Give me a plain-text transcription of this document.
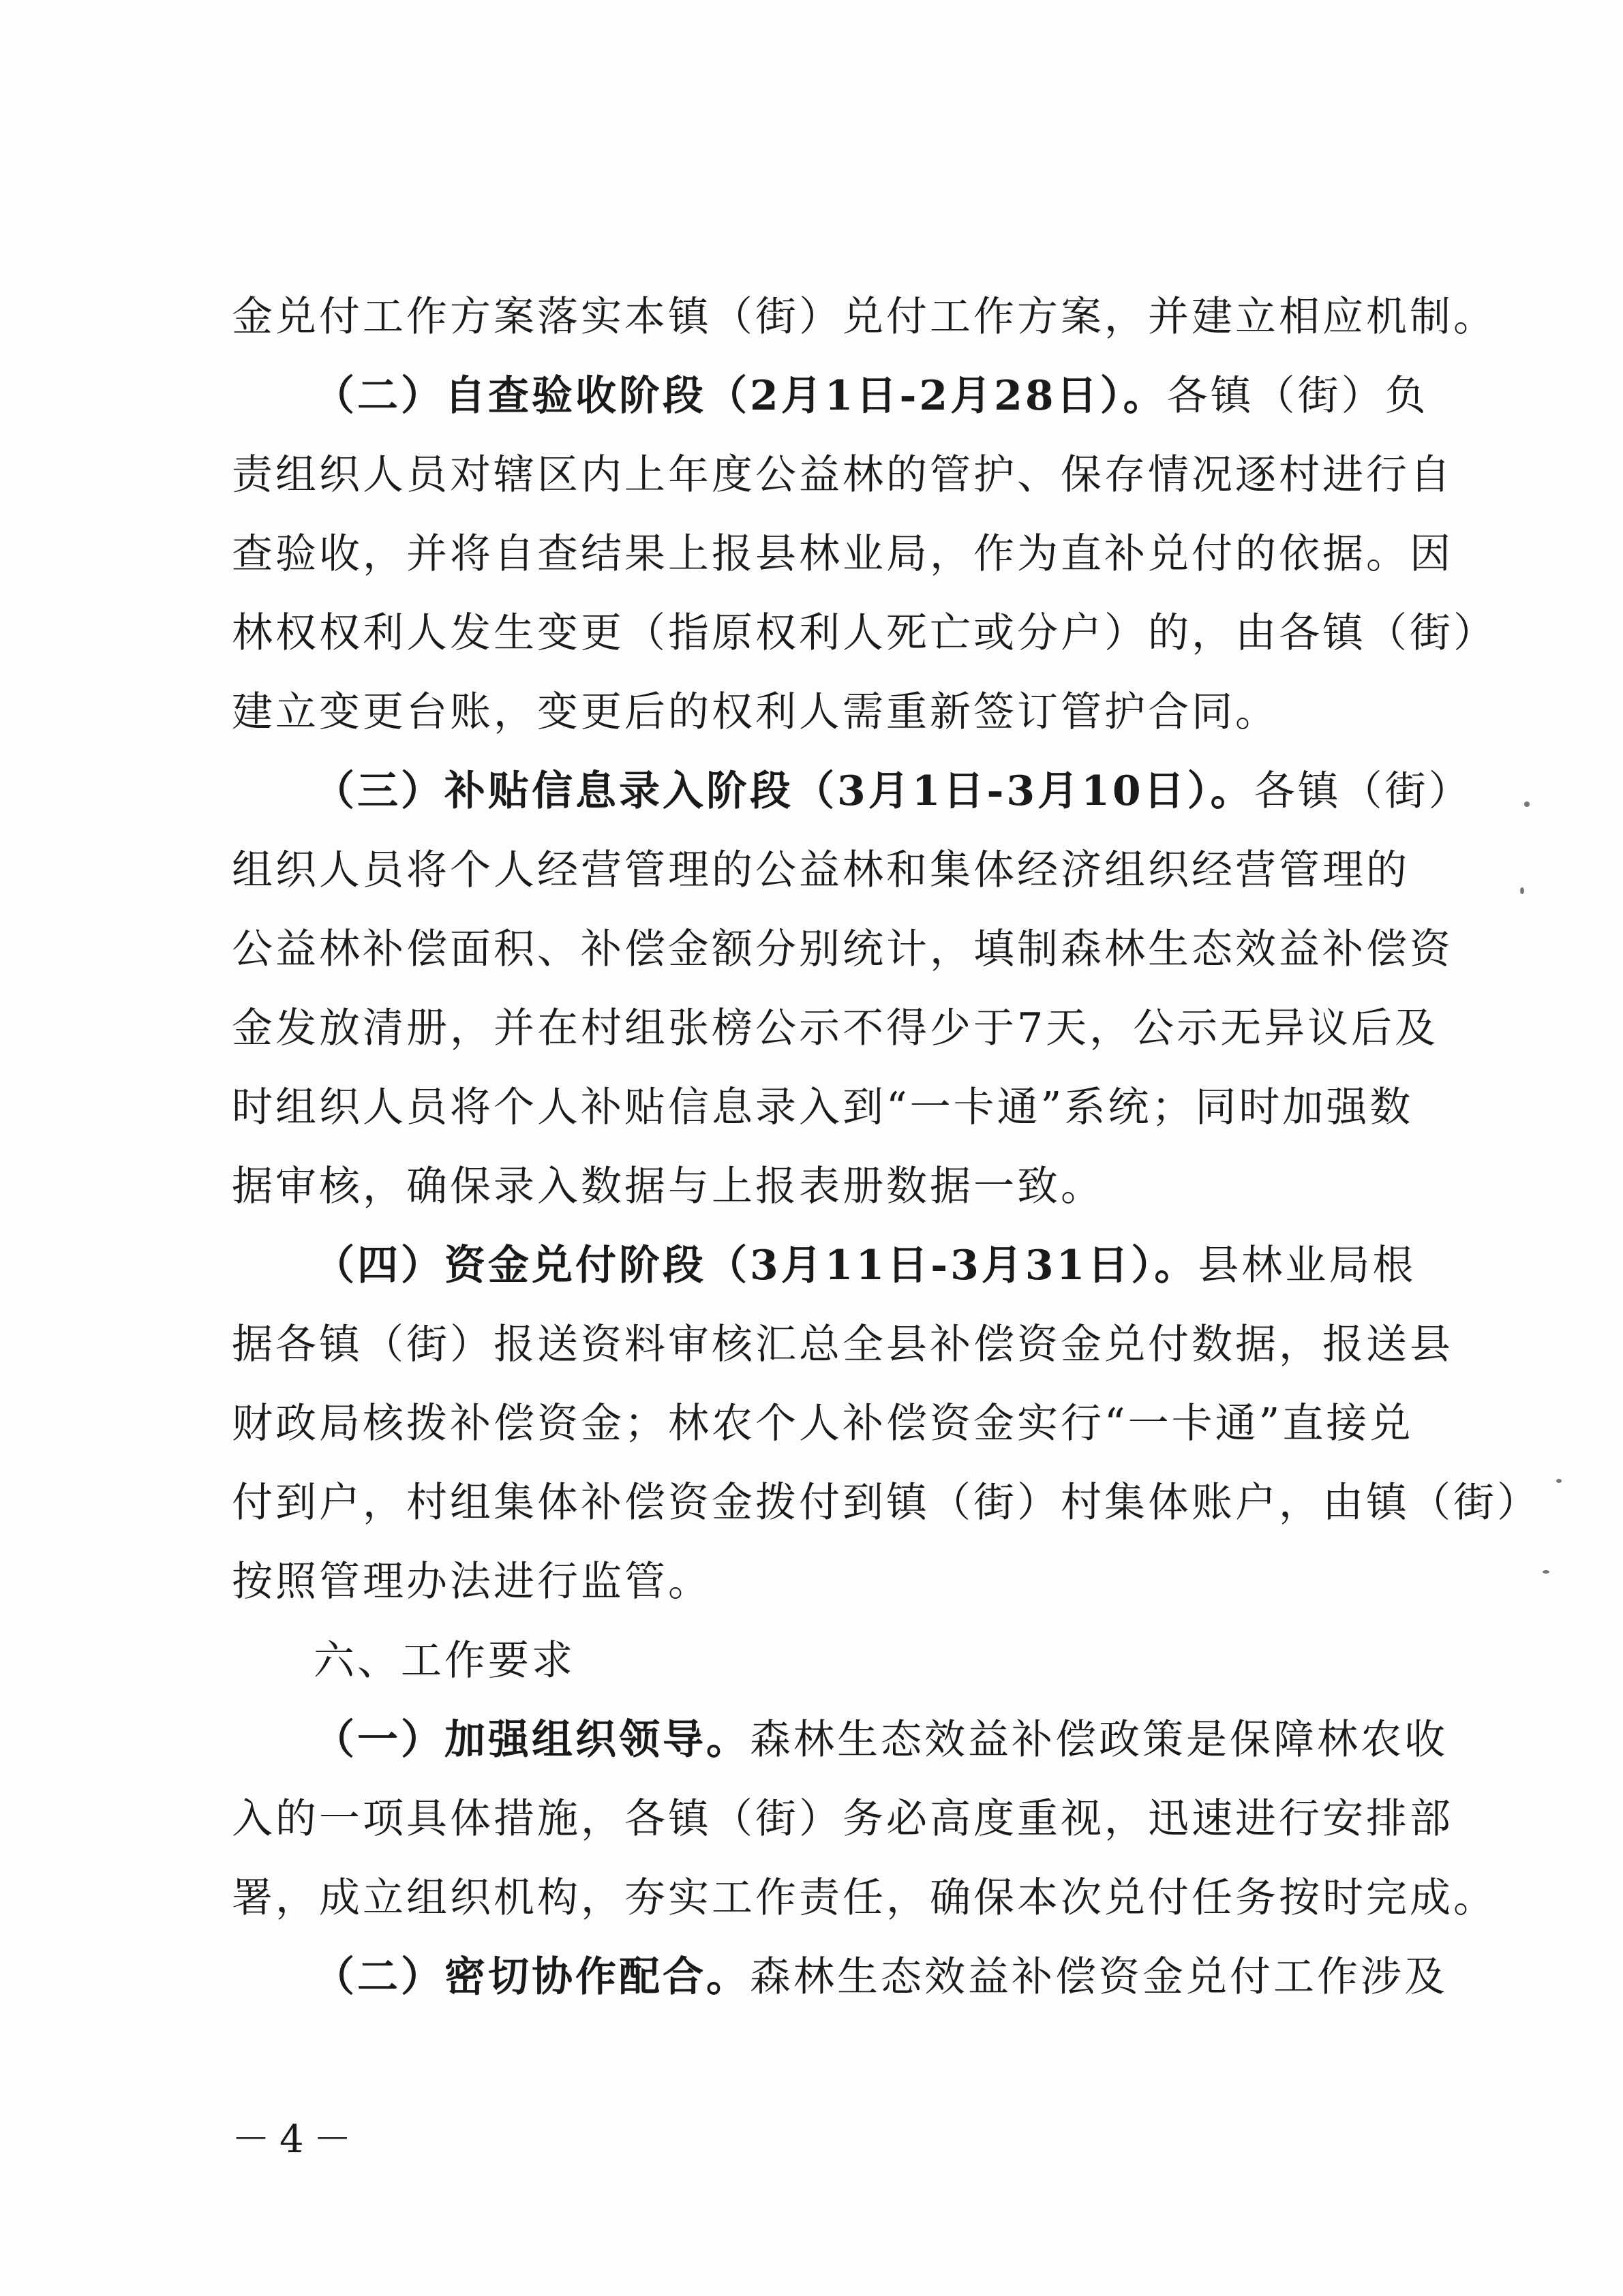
金兑付工作方案落实本镇（街）兑付工作方案，并建立相应机制。
（二）自查验收阶段（2月1日-2月28日）。各镇（街）负
责组织人员对辖区内上年度公益林的管护、保存情况逐村进行自
查验收，并将自查结果上报县林业局，作为直补兑付的依据。因
林权权利人发生变更（指原权利人死亡或分户）的，由各镇（街）
建立变更台账，变更后的权利人需重新签订管护合同。
（三）补贴信息录入阶段（3月1日-3月10日）。各镇（街）
组织人员将个人经营管理的公益林和集体经济组织经营管理的
公益林补偿面积、补偿金额分别统计，填制森林生态效益补偿资
金发放清册，并在村组张榜公示不得少于7天，公示无异议后及
时组织人员将个人补贴信息录入到“一卡通”系统；同时加强数
据审核，确保录入数据与上报表册数据一致。
（四）资金兑付阶段（3月11日-3月31日）。县林业局根
据各镇（街）报送资料审核汇总全县补偿资金兑付数据，报送县
财政局核拨补偿资金；林农个人补偿资金实行“一卡通”直接兑
付到户，村组集体补偿资金拨付到镇（街）村集体账户，由镇（街）
按照管理办法进行监管。
六、工作要求
（一）加强组织领导。森林生态效益补偿政策是保障林农收
入的一项具体措施，各镇（街）务必高度重视，迅速进行安排部
署，成立组织机构，夯实工作责任，确保本次兑付任务按时完成。
（二）密切协作配合。森林生态效益补偿资金兑付工作涉及
－4－
